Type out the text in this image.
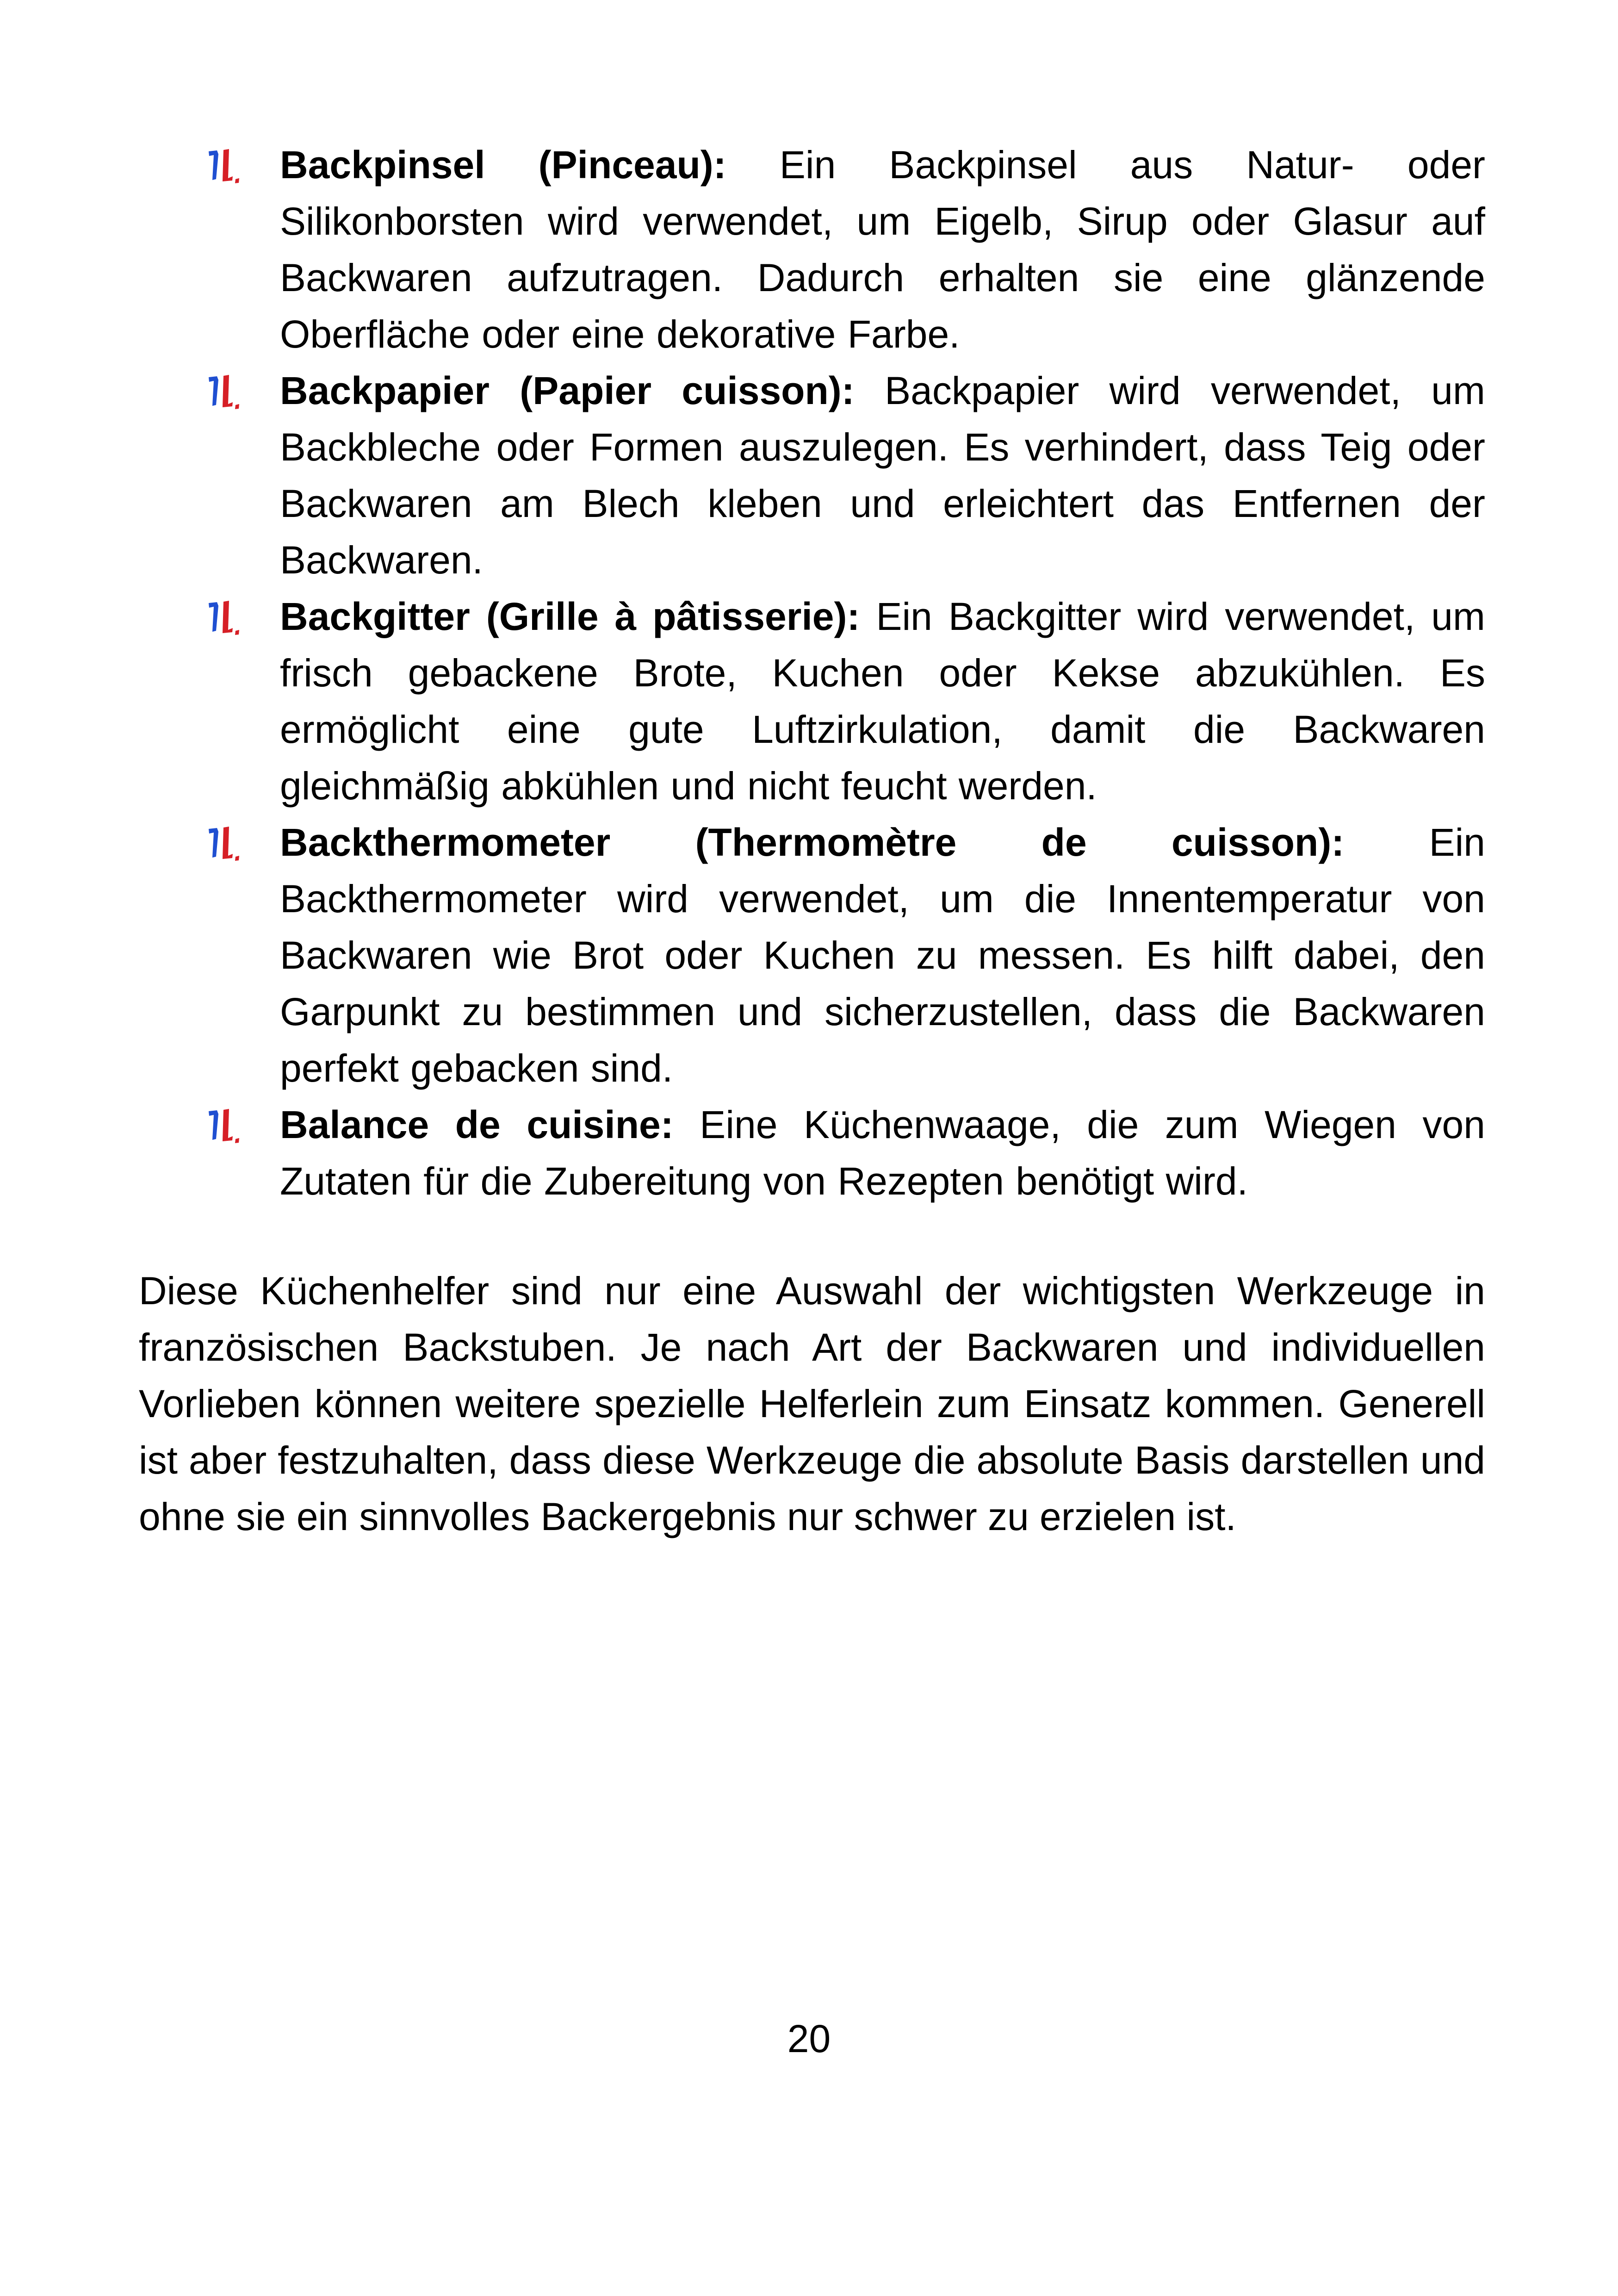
Backpinsel (Pinceau): Ein Backpinsel aus Natur- oder Silikonborsten wird verwendet, um Eigelb, Sirup oder Glasur auf Backwaren aufzutragen. Dadurch erhalten sie eine glänzende Oberfläche oder eine dekorative Farbe.
Backpapier (Papier cuisson): Backpapier wird verwendet, um Backbleche oder Formen auszulegen. Es verhindert, dass Teig oder Backwaren am Blech kleben und erleichtert das Entfernen der Backwaren.
Backgitter (Grille à pâtisserie): Ein Backgitter wird verwendet, um frisch gebackene Brote, Kuchen oder Kekse abzukühlen. Es ermöglicht eine gute Luftzirkulation, damit die Backwaren gleichmäßig abkühlen und nicht feucht werden.
Backthermometer (Thermomètre de cuisson): Ein Backthermometer wird verwendet, um die Innentemperatur von Backwaren wie Brot oder Kuchen zu messen. Es hilft dabei, den Garpunkt zu bestimmen und sicherzustellen, dass die Backwaren perfekt gebacken sind.
Balance de cuisine: Eine Küchenwaage, die zum Wiegen von Zutaten für die Zubereitung von Rezepten benötigt wird.

Diese Küchenhelfer sind nur eine Auswahl der wichtigsten Werkzeuge in französischen Backstuben. Je nach Art der Backwaren und individuellen Vorlieben können weitere spezielle Helferlein zum Einsatz kommen. Generell ist aber festzuhalten, dass diese Werkzeuge die absolute Basis darstellen und ohne sie ein sinnvolles Backergebnis nur schwer zu erzielen ist.

20
